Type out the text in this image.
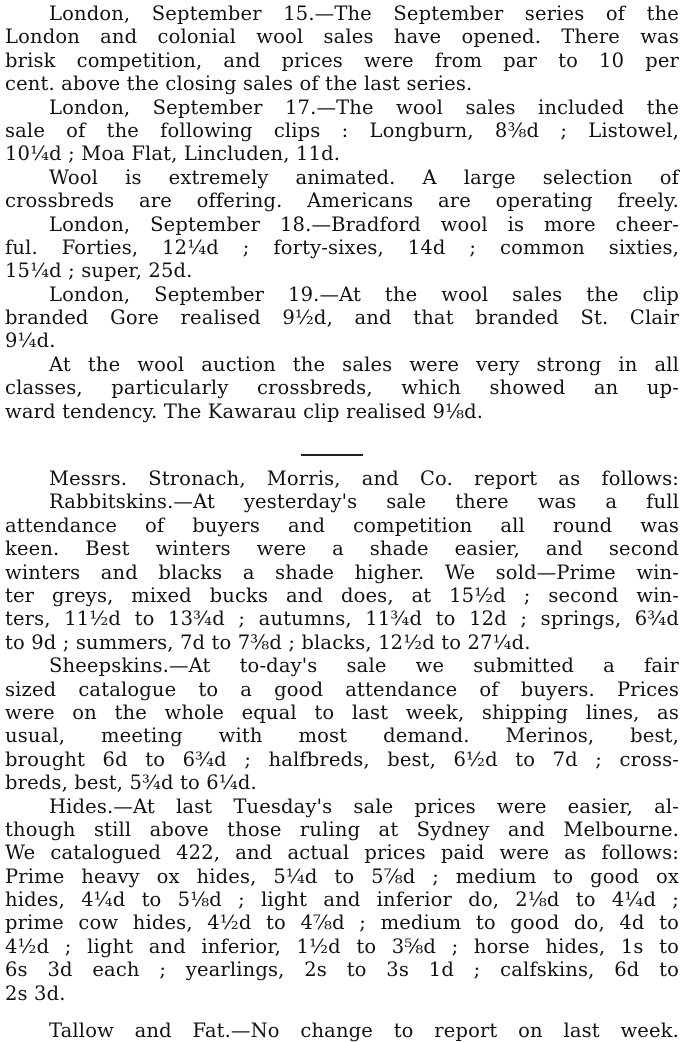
London, September 15.—The September series of the
London and colonial wool sales have opened. There was
brisk competition, and prices were from par to 10 per
cent. above the closing sales of the last series.
London, September 17.—The wool sales included the
sale of the following clips : Longburn, 8⅜d ; Listowel,
10¼d ; Moa Flat, Lincluden, 11d.
Wool is extremely animated. A large selection of
crossbreds are offering. Americans are operating freely.
London, September 18.—Bradford wool is more cheer-
ful. Forties, 12¼d ; forty-sixes, 14d ; common sixties,
15¼d ; super, 25d.
London, September 19.—At the wool sales the clip
branded Gore realised 9½d, and that branded St. Clair
9¼d.
At the wool auction the sales were very strong in all
classes, particularly crossbreds, which showed an up-
ward tendency. The Kawarau clip realised 9⅛d.
Messrs. Stronach, Morris, and Co. report as follows:
Rabbitskins.—At yesterday's sale there was a full
attendance of buyers and competition all round was
keen. Best winters were a shade easier, and second
winters and blacks a shade higher. We sold—Prime win-
ter greys, mixed bucks and does, at 15½d ; second win-
ters, 11½d to 13¾d ; autumns, 11¾d to 12d ; springs, 6¾d
to 9d ; summers, 7d to 7⅜d ; blacks, 12½d to 27¼d.
Sheepskins.—At to-day's sale we submitted a fair
sized catalogue to a good attendance of buyers. Prices
were on the whole equal to last week, shipping lines, as
usual, meeting with most demand. Merinos, best,
brought 6d to 6¾d ; halfbreds, best, 6½d to 7d ; cross-
breds, best, 5¾d to 6¼d.
Hides.—At last Tuesday's sale prices were easier, al-
though still above those ruling at Sydney and Melbourne.
We catalogued 422, and actual prices paid were as follows:
Prime heavy ox hides, 5¼d to 5⅞d ; medium to good ox
hides, 4¼d to 5⅛d ; light and inferior do, 2⅛d to 4¼d ;
prime cow hides, 4½d to 4⅞d ; medium to good do, 4d to
4½d ; light and inferior, 1½d to 3⅝d ; horse hides, 1s to
6s 3d each ; yearlings, 2s to 3s 1d ; calfskins, 6d to
2s 3d.
Tallow and Fat.—No change to report on last week.
